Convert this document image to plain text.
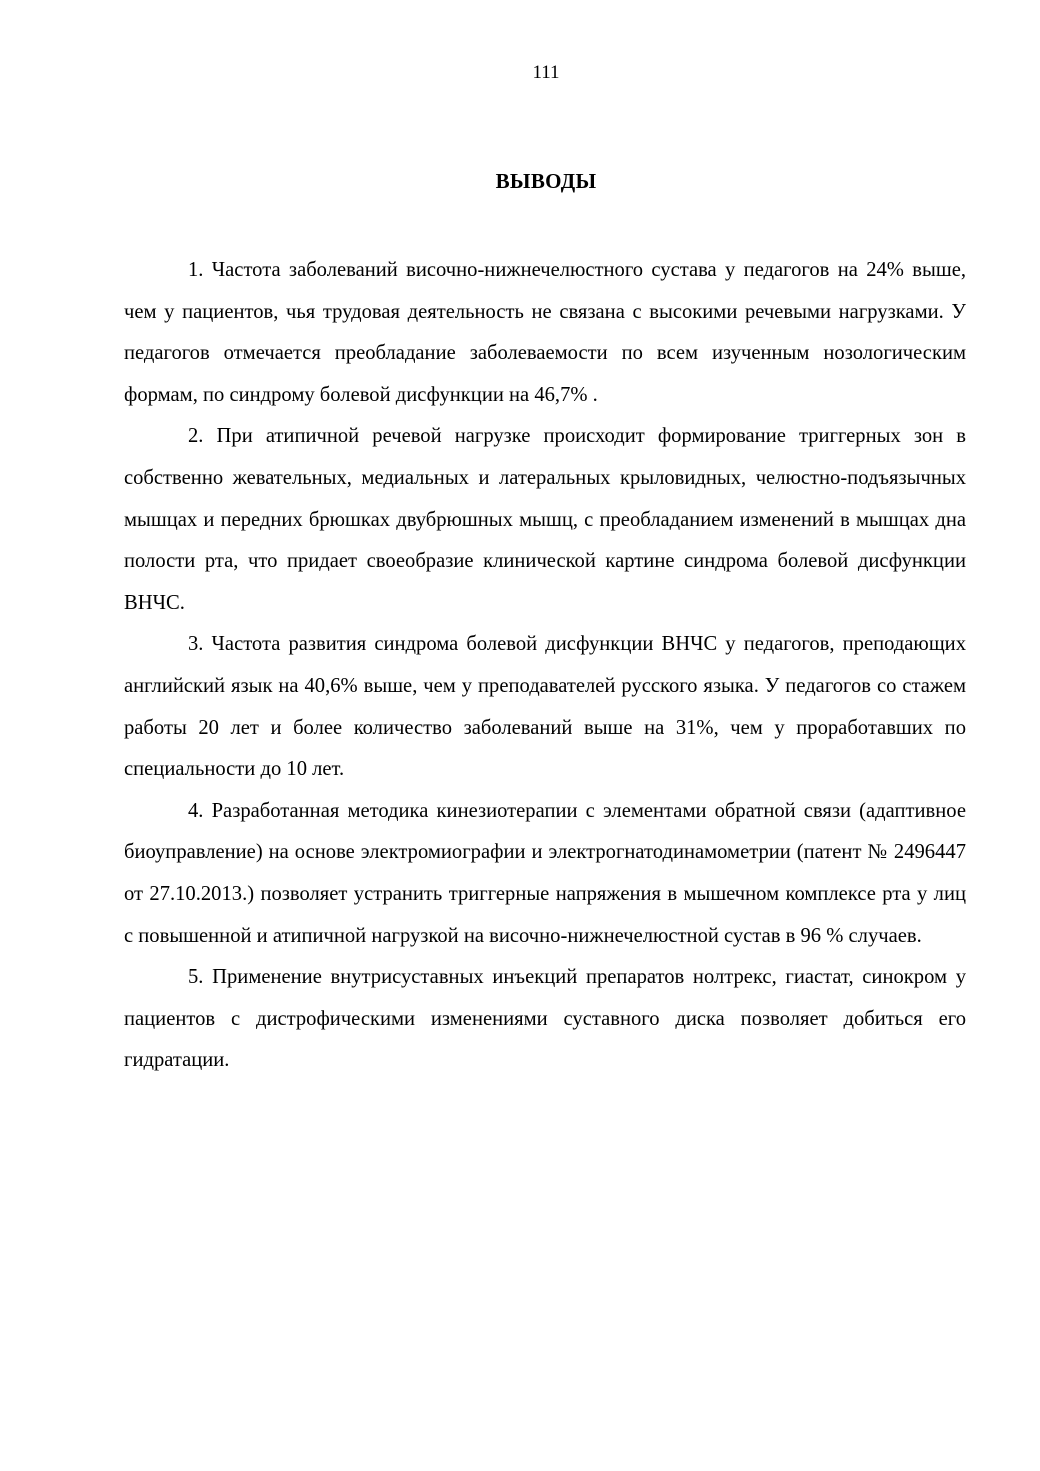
111
ВЫВОДЫ

1. Частота заболеваний височно-нижнечелюстного сустава у педагогов на 24% выше, чем у пациентов, чья трудовая деятельность не связана с высокими речевыми нагрузками. У педагогов отмечается преобладание заболеваемости по всем изученным нозологическим формам, по синдрому болевой дисфункции на 46,7% .

2. При атипичной речевой нагрузке происходит формирование триггерных зон в собственно жевательных, медиальных и латеральных крыловидных, челюстно-подъязычных мышцах и передних брюшках двубрюшных мышц, с преобладанием изменений в мышцах дна полости рта, что придает своеобразие клинической картине синдрома болевой дисфункции ВНЧС.

3. Частота развития синдрома болевой дисфункции ВНЧС у педагогов, преподающих английский язык на 40,6% выше, чем у преподавателей русского языка. У педагогов со стажем работы 20 лет и более количество заболеваний выше на 31%, чем у проработавших по специальности до 10 лет.

4. Разработанная методика кинезиотерапии с элементами обратной связи (адаптивное биоуправление) на основе электромиографии и электрогнатодинамометрии (патент № 2496447 от 27.10.2013.) позволяет устранить триггерные напряжения в мышечном комплексе рта у лиц с повышенной и атипичной нагрузкой на височно-нижнечелюстной сустав в 96 % случаев.

5. Применение внутрисуставных инъекций препаратов нолтрекс, гиастат, синокром у пациентов с дистрофическими изменениями суставного диска позволяет добиться его гидратации.
